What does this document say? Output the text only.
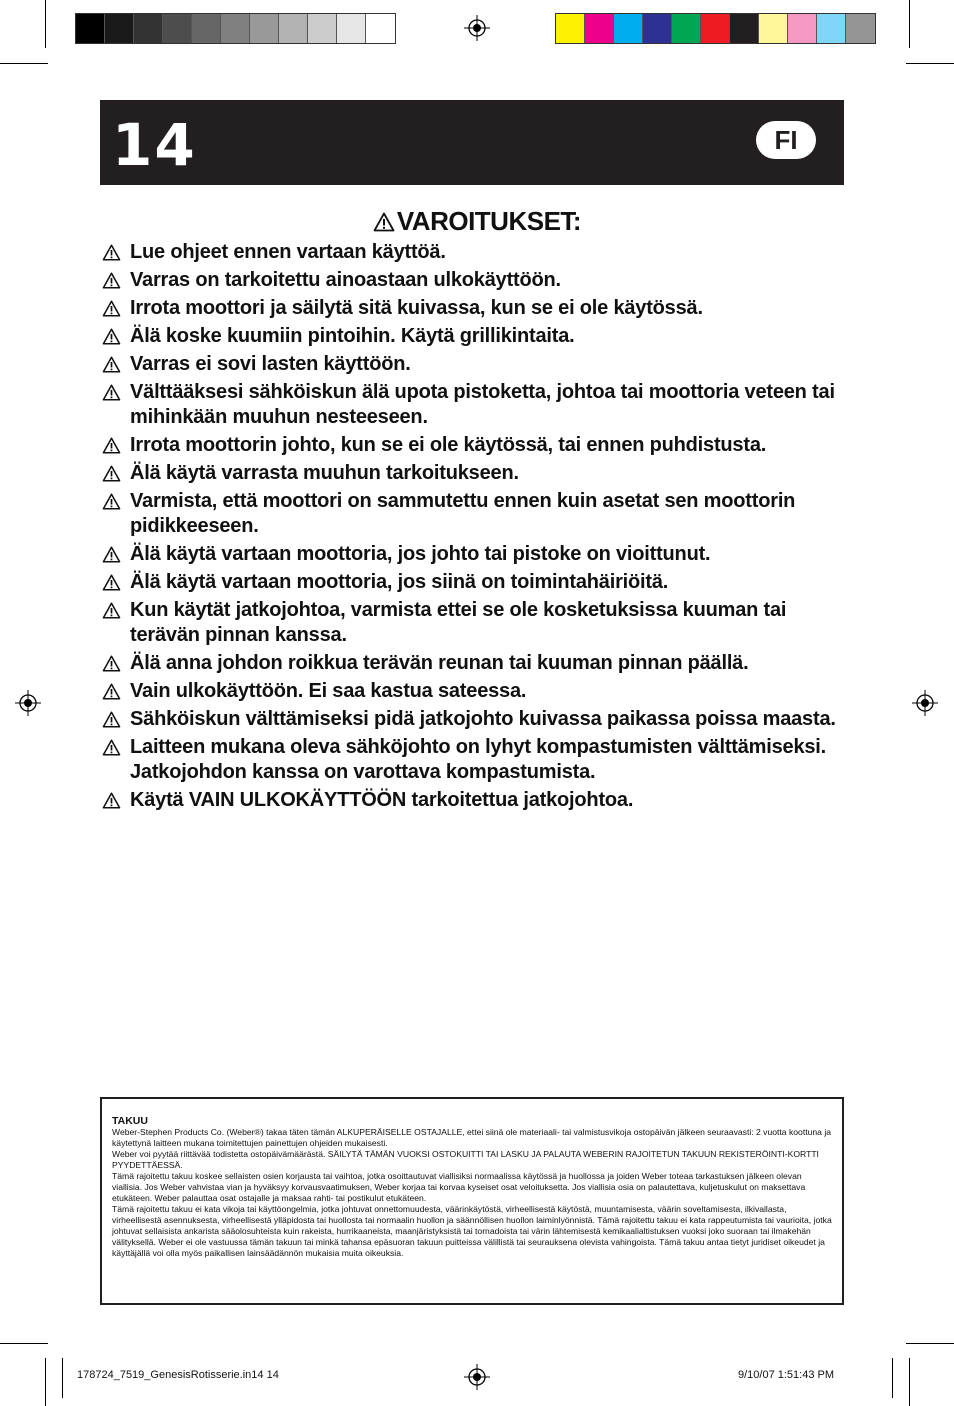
14	FI
VAROITUKSET:
Lue ohjeet ennen vartaan käyttöä.
Varras on tarkoitettu ainoastaan ulkokäyttöön.
Irrota moottori ja säilytä sitä kuivassa, kun se ei ole käytössä.
Älä koske kuumiin pintoihin. Käytä grillikintaita.
Varras ei sovi lasten käyttöön.
Välttääksesi sähköiskun älä upota pistoketta, johtoa tai moottoria veteen tai mihinkään muuhun nesteeseen.
Irrota moottorin johto, kun se ei ole käytössä, tai ennen puhdistusta.
Älä käytä varrasta muuhun tarkoitukseen.
Varmista, että moottori on sammutettu ennen kuin asetat sen moottorin pidikkeeseen.
Älä käytä vartaan moottoria, jos johto tai pistoke on vioittunut.
Älä käytä vartaan moottoria, jos siinä on toimintahäiriöitä.
Kun käytät jatkojohtoa, varmista ettei se ole kosketuksissa kuuman tai terävän pinnan kanssa.
Älä anna johdon roikkua terävän reunan tai kuuman pinnan päällä.
Vain ulkokäyttöön. Ei saa kastua sateessa.
Sähköiskun välttämiseksi pidä jatkojohto kuivassa paikassa poissa maasta.
Laitteen mukana oleva sähköjohto on lyhyt kompastumisten välttämiseksi. Jatkojohdon kanssa on varottava kompastumista.
Käytä VAIN ULKOKÄYTTÖÖN tarkoitettua jatkojohtoa.
TAKUU
Weber-Stephen Products Co. (Weber®) takaa täten tämän ALKUPERÄISELLE OSTAJALLE, ettei siinä ole materiaali- tai valmistusvikoja ostopäivän jälkeen seuraavasti: 2 vuotta koottuna ja käytettynä laitteen mukana toimitettujen painettujen ohjeiden mukaisesti.
Weber voi pyytää riittävää todistetta ostopäivämäärästä. SÄILYTÄ TÄMÄN VUOKSI OSTOKUITTI TAI LASKU JA PALAUTA WEBERIN RAJOITETUN TAKUUN REKISTERÖINTI-KORTTI PYYDETTÄESSÄ.
Tämä rajoitettu takuu koskee sellaisten osien korjausta tai vaihtoa, jotka osoittautuvat viallisiksi normaalissa käytössä ja huollossa ja joiden Weber toteaa tarkastuksen jälkeen olevan viallisia. Jos Weber vahvistaa vian ja hyväksyy korvausvaatimuksen, Weber korjaa tai korvaa kyseiset osat veloituksetta. Jos viallisia osia on palautettava, kuljetuskulut on maksettava etukäteen. Weber palauttaa osat ostajalle ja maksaa rahti- tai postikulut etukäteen.
Tämä rajoitettu takuu ei kata vikoja tai käyttöongelmia, jotka johtuvat onnettomuudesta, väärinkäytöstä, virheellisestä käytöstä, muuntamisesta, väärin soveltamisesta, ilkivallasta, virheellisestä asennuksesta, virheellisestä ylläpidosta tai huollosta tai normaalin huollon ja säännöllisen huollon laiminlyönnistä. Tämä rajoitettu takuu ei kata rappeutumista tai vaurioita, jotka johtuvat sellaisista ankarista sääolosuhteista kuin rakeista, hurrikaaneista, maanjäristyksistä tai tornadoista tai värin lähtemisestä kemikaalialtistuksen vuoksi joko suoraan tai ilmakehän välityksellä. Weber ei ole vastuussa tämän takuun tai minkä tahansa epäsuoran takuun puitteissa välillistä tai seurauksena olevista vahingoista. Tämä takuu antaa tietyt juridiset oikeudet ja käyttäjällä voi olla myös paikallisen lainsäädännön mukaisia muita oikeuksia.
178724_7519_GenesisRotisserie.in14 14	9/10/07 1:51:43 PM
